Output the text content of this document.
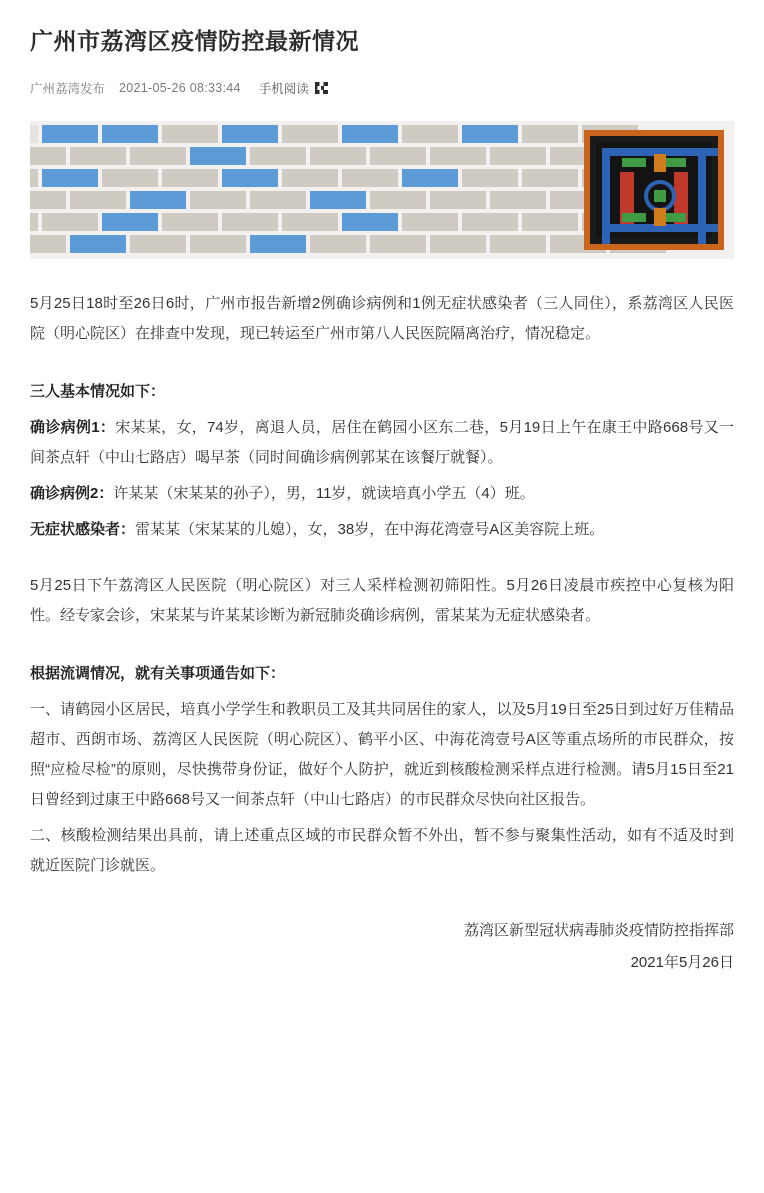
广州市荔湾区疫情防控最新情况
广州荔湾发布 2021-05-26 08:33:44 手机阅读

5月25日18时至26日6时，广州市报告新增2例确诊病例和1例无症状感染者（三人同住），系荔湾区人民医院（明心院区）在排查中发现，现已转运至广州市第八人民医院隔离治疗，情况稳定。

三人基本情况如下：

确诊病例1：宋某某，女，74岁，离退人员，居住在鹤园小区东二巷，5月19日上午在康王中路668号又一间茶点轩（中山七路店）喝早茶（同时间确诊病例郭某在该餐厅就餐）。

确诊病例2：许某某（宋某某的孙子），男，11岁，就读培真小学五（4）班。

无症状感染者：雷某某（宋某某的儿媳），女，38岁，在中海花湾壹号A区美容院上班。

5月25日下午荔湾区人民医院（明心院区）对三人采样检测初筛阳性。5月26日凌晨市疾控中心复核为阳性。经专家会诊，宋某某与许某某诊断为新冠肺炎确诊病例，雷某某为无症状感染者。

根据流调情况，就有关事项通告如下：

一、请鹤园小区居民，培真小学学生和教职员工及其共同居住的家人，以及5月19日至25日到过好万佳精品超市、西朗市场、荔湾区人民医院（明心院区）、鹤平小区、中海花湾壹号A区等重点场所的市民群众，按照“应检尽检”的原则，尽快携带身份证，做好个人防护，就近到核酸检测采样点进行检测。请5月15日至21日曾经到过康王中路668号又一间茶点轩（中山七路店）的市民群众尽快向社区报告。

二、核酸检测结果出具前，请上述重点区域的市民群众暂不外出，暂不参与聚集性活动，如有不适及时到就近医院门诊就医。

荔湾区新型冠状病毒肺炎疫情防控指挥部
2021年5月26日
